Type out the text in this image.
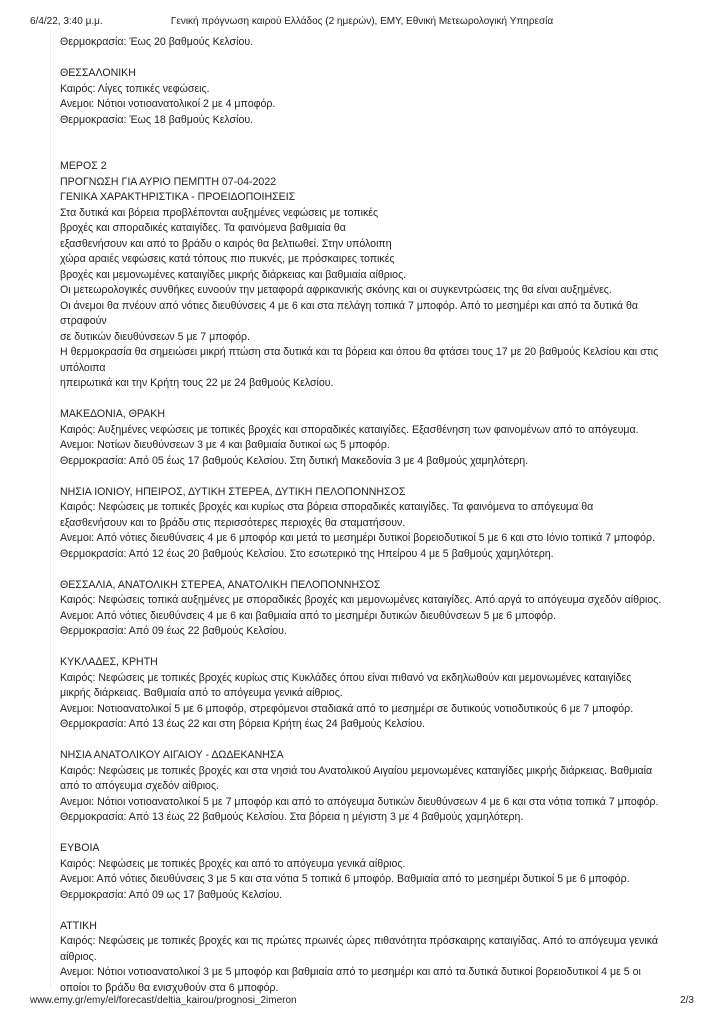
Γενική πρόγνωση καιρού Ελλάδος (2 ημερών), ΕΜΥ, Εθνική Μετεωρολογική Υπηρεσία
6/4/22, 3:40 μ.μ.

Θερμοκρασία: Έως 20 βαθμούς Κελσίου.

ΘΕΣΣΑΛΟΝΙΚΗ

Καιρός: Λίγες τοπικές νεφώσεις.

Ανεμοι: Νότιοι νοτιοανατολικοί 2 με 4 μποφόρ.

Θερμοκρασία: Έως 18 βαθμούς Κελσίου.

ΜΕΡΟΣ 2

ΠΡΟΓΝΩΣΗ ΓΙΑ ΑΥΡΙΟ ΠΕΜΠΤΗ 07-04-2022

ΓΕΝΙΚΑ ΧΑΡΑΚΤΗΡΙΣΤΙΚΑ - ΠΡΟΕΙΔΟΠΟΙΗΣΕΙΣ

Στα δυτικά και βόρεια προβλέπονται αυξημένες νεφώσεις με τοπικές

βροχές και σποραδικές καταιγίδες. Τα φαινόμενα βαθμιαία θα

εξασθενήσουν και από το βράδυ ο καιρός θα βελτιωθεί. Στην υπόλοιπη

χώρα αραιές νεφώσεις κατά τόπους πιο πυκνές, με πρόσκαιρες τοπικές

βροχές και μεμονωμένες καταιγίδες μικρής διάρκειας και βαθμιαία αίθριος.

Οι μετεωρολογικές συνθήκες ευνοούν την μεταφορά αφρικανικής σκόνης και οι συγκεντρώσεις της θα είναι αυξημένες.

Οι άνεμοι θα πνέουν από νότιες διευθύνσεις 4 με 6 και στα πελάγη τοπικά 7 μποφόρ. Από το μεσημέρι και από τα δυτικά θα

στραφούν

σε δυτικών διευθύνσεων 5 με 7 μποφόρ.

Η θερμοκρασία θα σημειώσει μικρή πτώση στα δυτικά και τα βόρεια και όπου θα φτάσει τους 17 με 20 βαθμούς Κελσίου και στις

υπόλοιπα

ηπειρωτικά και την Κρήτη τους 22 με 24 βαθμούς Κελσίου.

ΜΑΚΕΔΟΝΙΑ, ΘΡΑΚΗ

Καιρός: Αυξημένες νεφώσεις με τοπικές βροχές και σποραδικές καταιγίδες. Εξασθένηση των φαινομένων από το απόγευμα.

Ανεμοι: Νοτίων διευθύνσεων 3 με 4 και βαθμιαία δυτικοί ως 5 μποφόρ.

Θερμοκρασία: Από 05 έως 17 βαθμούς Κελσίου. Στη δυτική Μακεδονία 3 με 4 βαθμούς χαμηλότερη.

ΝΗΣΙΑ ΙΟΝΙΟΥ, ΗΠΕΙΡΟΣ, ΔΥΤΙΚΗ ΣΤΕΡΕΑ, ΔΥΤΙΚΗ ΠΕΛΟΠΟΝΝΗΣΟΣ

Καιρός: Νεφώσεις με τοπικές βροχές και κυρίως στα βόρεια σποραδικές καταιγίδες. Τα φαινόμενα το απόγευμα θα

εξασθενήσουν και το βράδυ στις περισσότερες περιοχές θα σταματήσουν.

Ανεμοι: Από νότιες διευθύνσεις 4 με 6 μποφόρ και μετά το μεσημέρι δυτικοί βορειοδυτικοί 5 με 6 και στο Ιόνιο τοπικά 7 μποφόρ.

Θερμοκρασία: Από 12 έως 20 βαθμούς Κελσίου. Στο εσωτερικό της Ηπείρου 4 με 5 βαθμούς χαμηλότερη.

ΘΕΣΣΑΛΙΑ, ΑΝΑΤΟΛΙΚΗ ΣΤΕΡΕΑ, ΑΝΑΤΟΛΙΚΗ ΠΕΛΟΠΟΝΝΗΣΟΣ

Καιρός: Νεφώσεις τοπικά αυξημένες με σποραδικές βροχές και μεμονωμένες καταιγίδες. Από αργά το απόγευμα σχεδόν αίθριος.

Ανεμοι: Από νότιες διευθύνσεις 4 με 6 και βαθμιαία από το μεσημέρι δυτικών διευθύνσεων 5 με 6 μποφόρ.

Θερμοκρασία: Από 09 έως 22 βαθμούς Κελσίου.

ΚΥΚΛΑΔΕΣ, ΚΡΗΤΗ

Καιρός: Νεφώσεις με τοπικές βροχές κυρίως στις Κυκλάδες όπου είναι πιθανό να εκδηλωθούν και μεμονωμένες καταιγίδες

μικρής διάρκειας. Βαθμιαία από το απόγευμα γενικά αίθριος.

Ανεμοι: Νοτιοανατολικοί 5 με 6 μποφόρ, στρεφόμενοι σταδιακά από το μεσημέρι σε δυτικούς νοτιοδυτικούς 6 με 7 μποφόρ.

Θερμοκρασία: Από 13 έως 22 και στη βόρεια Κρήτη έως 24 βαθμούς Κελσίου.

ΝΗΣΙΑ ΑΝΑΤΟΛΙΚΟΥ ΑΙΓΑΙΟΥ - ΔΩΔΕΚΑΝΗΣΑ

Καιρός: Νεφώσεις με τοπικές βροχές και στα νησιά του Ανατολικού Αιγαίου μεμονωμένες καταιγίδες μικρής διάρκειας. Βαθμιαία

από το απόγευμα σχεδόν αίθριος.

Ανεμοι: Νότιοι νοτιοανατολικοί 5 με 7 μποφόρ και από το απόγευμα δυτικών διευθύνσεων 4 με 6 και στα νότια τοπικά 7 μποφόρ.

Θερμοκρασία: Από 13 έως 22 βαθμούς Κελσίου. Στα βόρεια η μέγιστη 3 με 4 βαθμούς χαμηλότερη.

ΕΥΒΟΙΑ

Καιρός: Νεφώσεις με τοπικές βροχές και από το απόγευμα γενικά αίθριος.

Ανεμοι: Από νότιες διευθύνσεις 3 με 5 και στα νότια 5 τοπικά 6 μποφόρ. Βαθμιαία από το μεσημέρι δυτικοί 5 με 6 μποφόρ.

Θερμοκρασία: Από 09 ως 17 βαθμούς Κελσίου.

ΑΤΤΙΚΗ

Καιρός: Νεφώσεις με τοπικές βροχές και τις πρώτες πρωινές ώρες πιθανότητα πρόσκαιρης καταιγίδας. Από το απόγευμα γενικά

αίθριος.

Ανεμοι: Νότιοι νοτιοανατολικοί 3 με 5 μποφόρ και βαθμιαία από το μεσημέρι και από τα δυτικά δυτικοί βορειοδυτικοί 4 με 5 οι

οποίοι το βράδυ θα ενισχυθούν στα 6 μποφόρ.

www.emy.gr/emy/el/forecast/deltia_kairou/prognosi_2imeron	2/3
